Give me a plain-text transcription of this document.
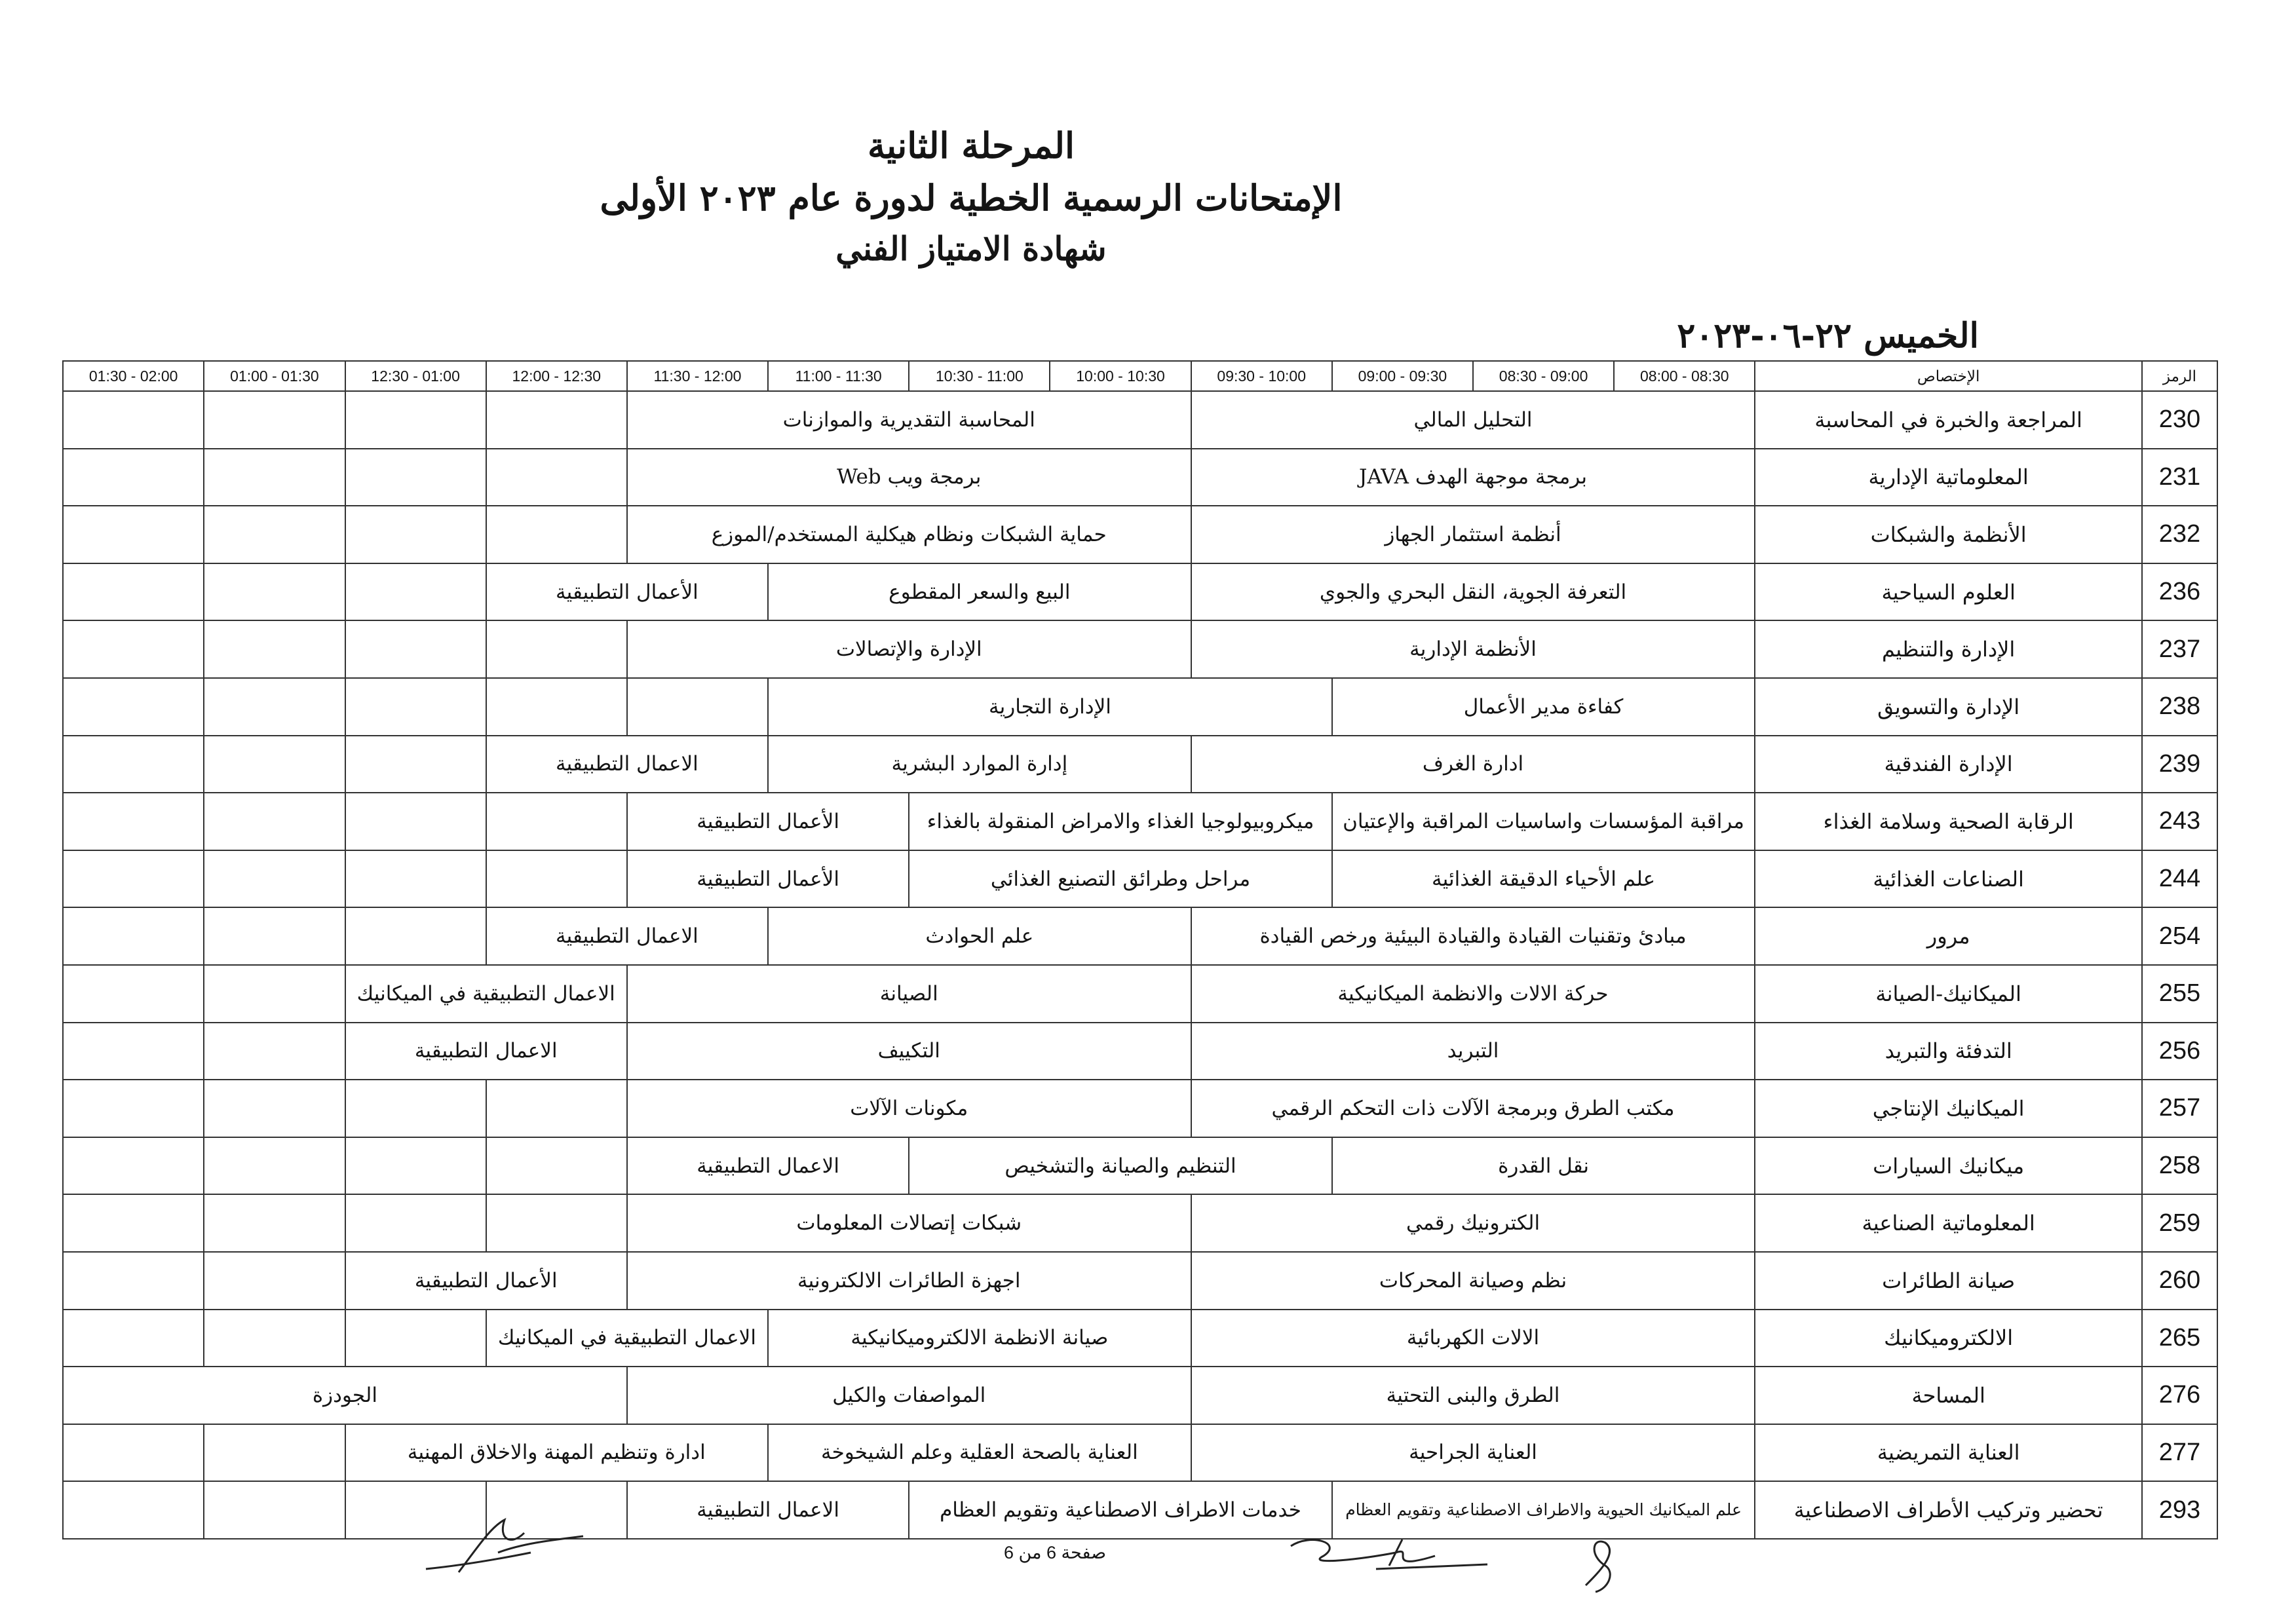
المرحلة الثانية
الإمتحانات الرسمية الخطية لدورة عام ٢٠٢٣ الأولى
شهادة الامتياز الفني
الخميس ٢٢-٠٦-٢٠٢٣
الرمز	الإختصاص	08:30 - 08:00	09:00 - 08:30	09:30 - 09:00	10:00 - 09:30	10:30 - 10:00	11:00 - 10:30	11:30 - 11:00	12:00 - 11:30	12:30 - 12:00	01:00 - 12:30	01:30 - 01:00	02:00 - 01:30
230	المراجعة والخبرة في المحاسبة	التحليل المالي				المحاسبة التقديرية والموازنات							
231	المعلوماتية الإدارية	برمجة موجهة الهدف JAVA				برمجة ويب Web							
232	الأنظمة والشبكات	أنظمة استثمار الجهاز				حماية الشبكات ونظام هيكلية المستخدم/الموزع							
236	العلوم السياحية	التعرفة الجوية، النقل البحري والجوي				البيع والسعر المقطوع			الأعمال التطبيقية				
237	الإدارة والتنظيم	الأنظمة الإدارية				الإدارة والإتصالات							
238	الإدارة والتسويق	كفاءة مدير الأعمال			الإدارة التجارية								
239	الإدارة الفندقية	ادارة الغرف				إدارة الموارد البشرية			الاعمال التطبيقية				
243	الرقابة الصحية وسلامة الغذاء	مراقبة المؤسسات واساسيات المراقبة والإعتيان			ميكروبيولوجيا الغذاء والامراض المنقولة بالغذاء			الأعمال التطبيقية					
244	الصناعات الغذائية	علم الأحياء الدقيقة الغذائية			مراحل وطرائق التصنيع الغذائي			الأعمال التطبيقية					
254	مرور	مبادئ وتقنيات القيادة والقيادة البيئية ورخص القيادة				علم الحوادث			الاعمال التطبيقية				
255	الميكانيك-الصيانة	حركة الالات والانظمة الميكانيكية				الصيانة				الاعمال التطبيقية في الميكانيك			
256	التدفئة والتبريد	التبريد				التكييف				الاعمال التطبيقية			
257	الميكانيك الإنتاجي	مكتب الطرق وبرمجة الآلات ذات التحكم الرقمي				مكونات الآلات							
258	ميكانيك السيارات	نقل القدرة			التنظيم والصيانة والتشخيص			الاعمال التطبيقية					
259	المعلوماتية الصناعية	الكترونيك رقمي				شبكات إتصالات المعلومات							
260	صيانة الطائرات	نظم وصيانة المحركات				اجهزة الطائرات الالكترونية				الأعمال التطبيقية			
265	الالكتروميكانيك	الالات الكهربائية				صيانة الانظمة الالكتروميكانيكية			الاعمال التطبيقية في الميكانيك				
276	المساحة	الطرق والبنى التحتية				المواصفات والكيل				الجودزة			
277	العناية التمريضية	العناية الجراحية				العناية بالصحة العقلية وعلم الشيخوخة			ادارة وتنظيم المهنة والاخلاق المهنية				
293	تحضير وتركيب الأطراف الاصطناعية	علم الميكانيك الحيوية والاطراف الاصطناعية وتقويم العظام			خدمات الاطراف الاصطناعية وتقويم العظام			الاعمال التطبيقية					
صفحة 6 من 6
